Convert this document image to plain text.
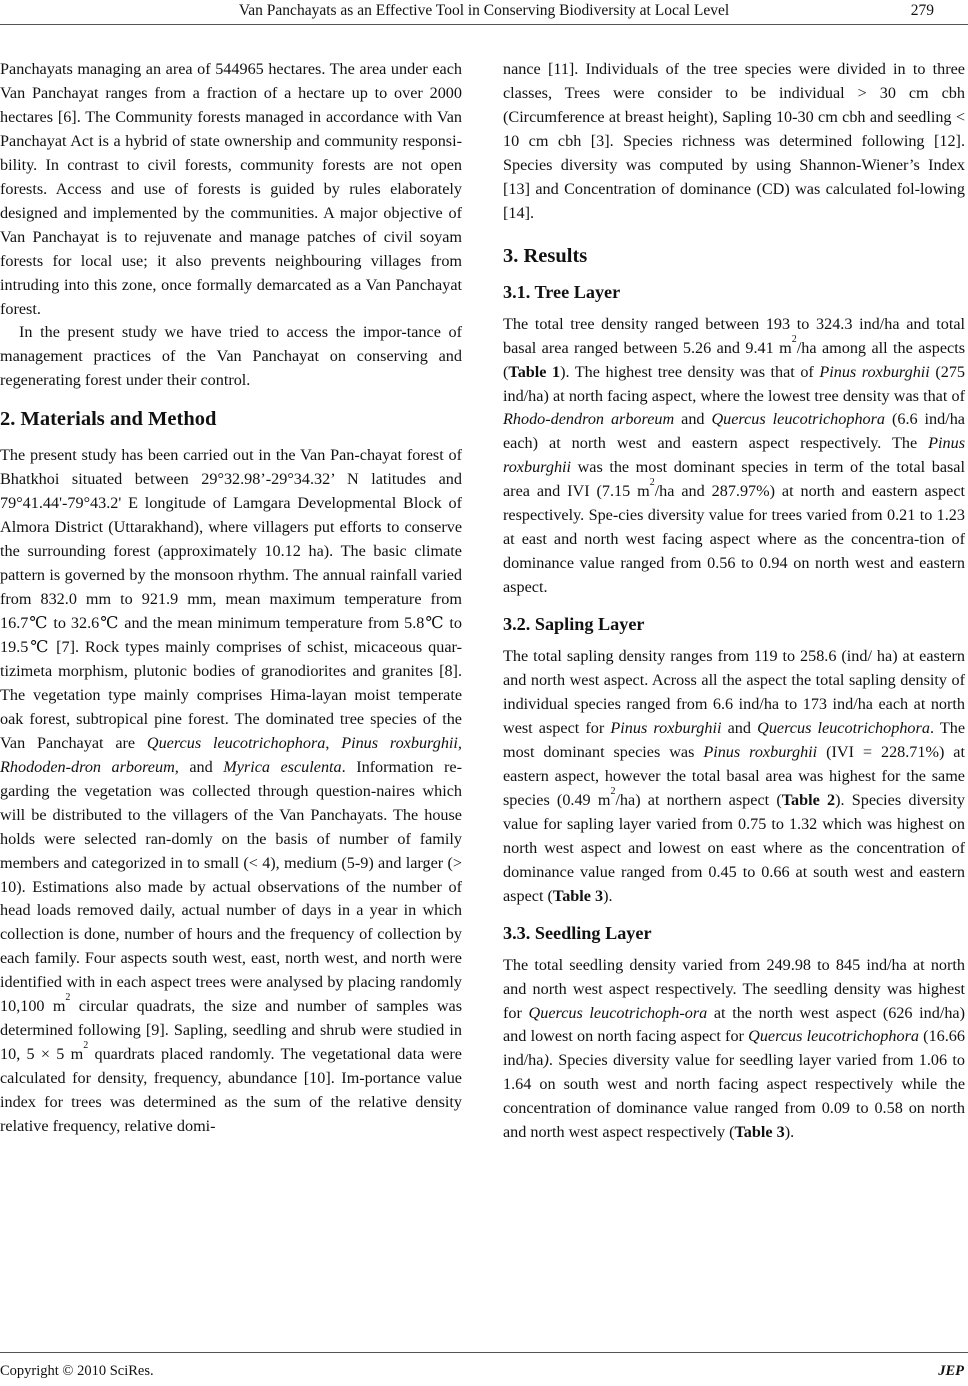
Van Panchayats as an Effective Tool in Conserving Biodiversity at Local Level	279

Panchayats managing an area of 544965 hectares. The area under each Van Panchayat ranges from a fraction of a hectare up to over 2000 hectares [6]. The Community forests managed in accordance with Van Panchayat Act is a hybrid of state ownership and community responsi-bility. In contrast to civil forests, community forests are not open forests. Access and use of forests is guided by rules elaborately designed and implemented by the communities. A major objective of Van Panchayat is to rejuvenate and manage patches of civil soyam forests for local use; it also prevents neighbouring villages from intruding into this zone, once formally demarcated as a Van Panchayat forest.

In the present study we have tried to access the impor-tance of management practices of the Van Panchayat on conserving and regenerating forest under their control.

2. Materials and Method

The present study has been carried out in the Van Pan-chayat forest of Bhatkhoi situated between 29°32.98’-29°34.32’ N latitudes and 79°41.44'-79°43.2' E longitude of Lamgara Developmental Block of Almora District (Uttarakhand), where villagers put efforts to conserve the surrounding forest (approximately 10.12 ha). The basic climate pattern is governed by the monsoon rhythm. The annual rainfall varied from 832.0 mm to 921.9 mm, mean maximum temperature from 16.7℃ to 32.6℃ and the mean minimum temperature from 5.8℃ to 19.5℃ [7]. Rock types mainly comprises of schist, micaceous quar-tizimeta morphism, plutonic bodies of granodiorites and granites [8]. The vegetation type mainly comprises Hima-layan moist temperate oak forest, subtropical pine forest. The dominated tree species of the Van Panchayat are Quercus leucotrichophora, Pinus roxburghii, Rhododen-dron arboreum, and Myrica esculenta. Information re-garding the vegetation was collected through question-naires which will be distributed to the villagers of the Van Panchayats. The house holds were selected ran-domly on the basis of number of family members and categorized in to small (< 4), medium (5-9) and larger (> 10). Estimations also made by actual observations of the number of head loads removed daily, actual number of days in a year in which collection is done, number of hours and the frequency of collection by each family. Four aspects south west, east, north west, and north were identified with in each aspect trees were analysed by placing randomly 10,100 $m^2$ circular quadrats, the size and number of samples was determined following [9]. Sapling, seedling and shrub were studied in 10, 5 × 5 $m^2$ quardrats placed randomly. The vegetational data were calculated for density, frequency, abundance [10]. Im-portance value index for trees was determined as the sum of the relative density relative frequency, relative domi-

nance [11]. Individuals of the tree species were divided in to three classes, Trees were consider to be individual > 30 cm cbh (Circumference at breast height), Sapling 10-30 cm cbh and seedling < 10 cm cbh [3]. Species richness was determined following [12]. Species diversity was computed by using Shannon-Wiener’s Index [13] and Concentration of dominance (CD) was calculated fol-lowing [14].

3. Results
3.1. Tree Layer

The total tree density ranged between 193 to 324.3 ind/ha and total basal area ranged between 5.26 and 9.41 $m^2/ha$ among all the aspects (Table 1). The highest tree density was that of Pinus roxburghii (275 ind/ha) at north facing aspect, where the lowest tree density was that of Rhodo-dendron arboreum and Quercus leucotrichophora (6.6 ind/ha each) at north west and eastern aspect respectively. The Pinus roxburghii was the most dominant species in term of the total basal area and IVI (7.15 $m^2/ha$ and 287.97%) at north and eastern aspect respectively. Spe-cies diversity value for trees varied from 0.21 to 1.23 at east and north west facing aspect where as the concentra-tion of dominance value ranged from 0.56 to 0.94 on north west and eastern aspect.

3.2. Sapling Layer

The total sapling density ranges from 119 to 258.6 (ind/ ha) at eastern and north west aspect. Across all the aspect the total sapling density of individual species ranged from 6.6 ind/ha to 173 ind/ha each at north west aspect for Pinus roxburghii and Quercus leucotrichophora. The most dominant species was Pinus roxburghii (IVI = 228.71%) at eastern aspect, however the total basal area was highest for the same species (0.49 $m^2/ha$) at northern aspect (Table 2). Species diversity value for sapling layer varied from 0.75 to 1.32 which was highest on north west aspect and lowest on east where as the concentration of dominance value ranged from 0.45 to 0.66 at south west and eastern aspect (Table 3).

3.3. Seedling Layer

The total seedling density varied from 249.98 to 845 ind/ha at north and north west aspect respectively. The seedling density was highest for Quercus leucotrichoph-ora at the north west aspect (626 ind/ha) and lowest on north facing aspect for Quercus leucotrichophora (16.66 ind/ha). Species diversity value for seedling layer varied from 1.06 to 1.64 on south west and north facing aspect respectively while the concentration of dominance value ranged from 0.09 to 0.58 on north and north west aspect respectively (Table 3).

Copyright © 2010 SciRes.	JEP
